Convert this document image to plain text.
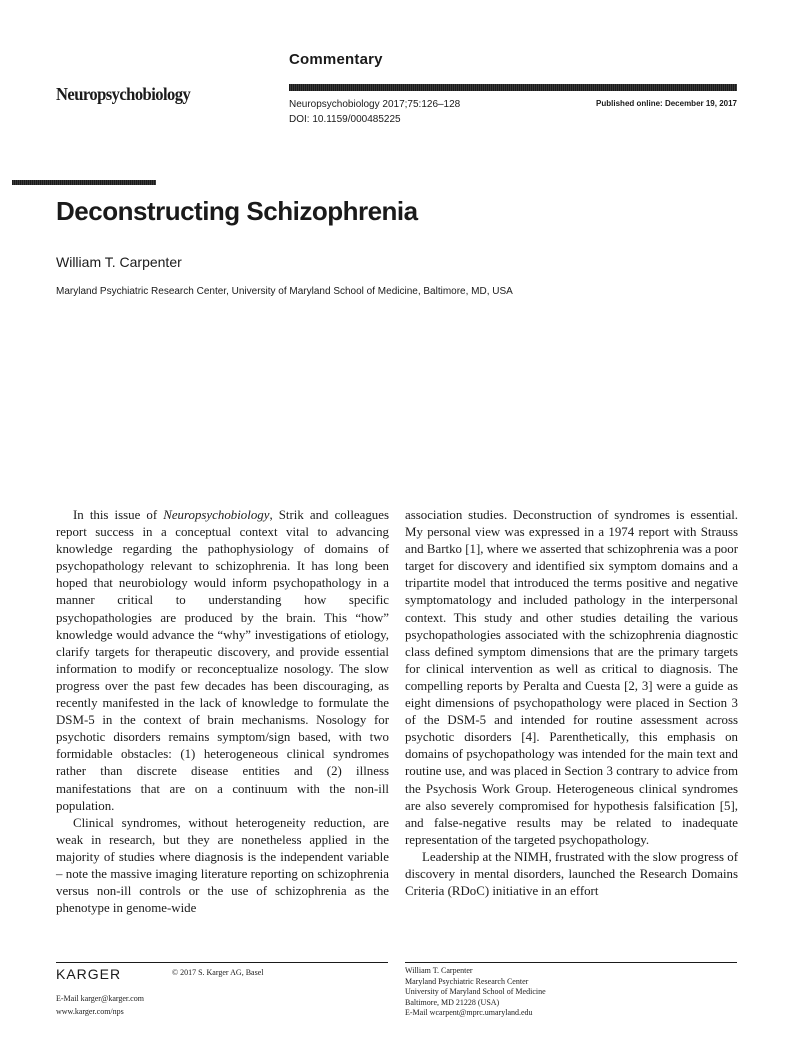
Commentary
Neuropsychobiology
Neuropsychobiology 2017;75:126–128
DOI: 10.1159/000485225
Published online: December 19, 2017
Deconstructing Schizophrenia
William T. Carpenter
Maryland Psychiatric Research Center, University of Maryland School of Medicine, Baltimore, MD, USA

In this issue of Neuropsychobiology, Strik and colleagues report success in a conceptual context vital to advancing knowledge regarding the pathophysiology of domains of psychopathology relevant to schizophrenia. It has long been hoped that neurobiology would inform psychopathology in a manner critical to understanding how specific psychopathologies are produced by the brain. This “how” knowledge would advance the “why” investigations of etiology, clarify targets for therapeutic discovery, and provide essential information to modify or reconceptualize nosology. The slow progress over the past few decades has been discouraging, as recently manifested in the lack of knowledge to formulate the DSM-5 in the context of brain mechanisms. Nosology for psychotic disorders remains symptom/sign based, with two formidable obstacles: (1) heterogeneous clinical syndromes rather than discrete disease entities and (2) illness manifestations that are on a continuum with the non-ill population.

Clinical syndromes, without heterogeneity reduction, are weak in research, but they are nonetheless applied in the majority of studies where diagnosis is the independent variable – note the massive imaging literature reporting on schizophrenia versus non-ill controls or the use of schizophrenia as the phenotype in genome-wide

association studies. Deconstruction of syndromes is essential. My personal view was expressed in a 1974 report with Strauss and Bartko [1], where we asserted that schizophrenia was a poor target for discovery and identified six symptom domains and a tripartite model that introduced the terms positive and negative symptomatology and included pathology in the interpersonal context. This study and other studies detailing the various psychopathologies associated with the schizophrenia diagnostic class defined symptom dimensions that are the primary targets for clinical intervention as well as critical to diagnosis. The compelling reports by Peralta and Cuesta [2, 3] were a guide as eight dimensions of psychopathology were placed in Section 3 of the DSM-5 and intended for routine assessment across psychotic disorders [4]. Parenthetically, this emphasis on domains of psychopathology was intended for the main text and routine use, and was placed in Section 3 contrary to advice from the Psychosis Work Group. Heterogeneous clinical syndromes are also severely compromised for hypothesis falsification [5], and false-negative results may be related to inadequate representation of the targeted psychopathology.

Leadership at the NIMH, frustrated with the slow progress of discovery in mental disorders, launched the Research Domains Criteria (RDoC) initiative in an effort

KARGER	© 2017 S. Karger AG, Basel
E-Mail karger@karger.com
www.karger.com/nps
William T. Carpenter
Maryland Psychiatric Research Center
University of Maryland School of Medicine
Baltimore, MD 21228 (USA)
E-Mail wcarpent@mprc.umaryland.edu
